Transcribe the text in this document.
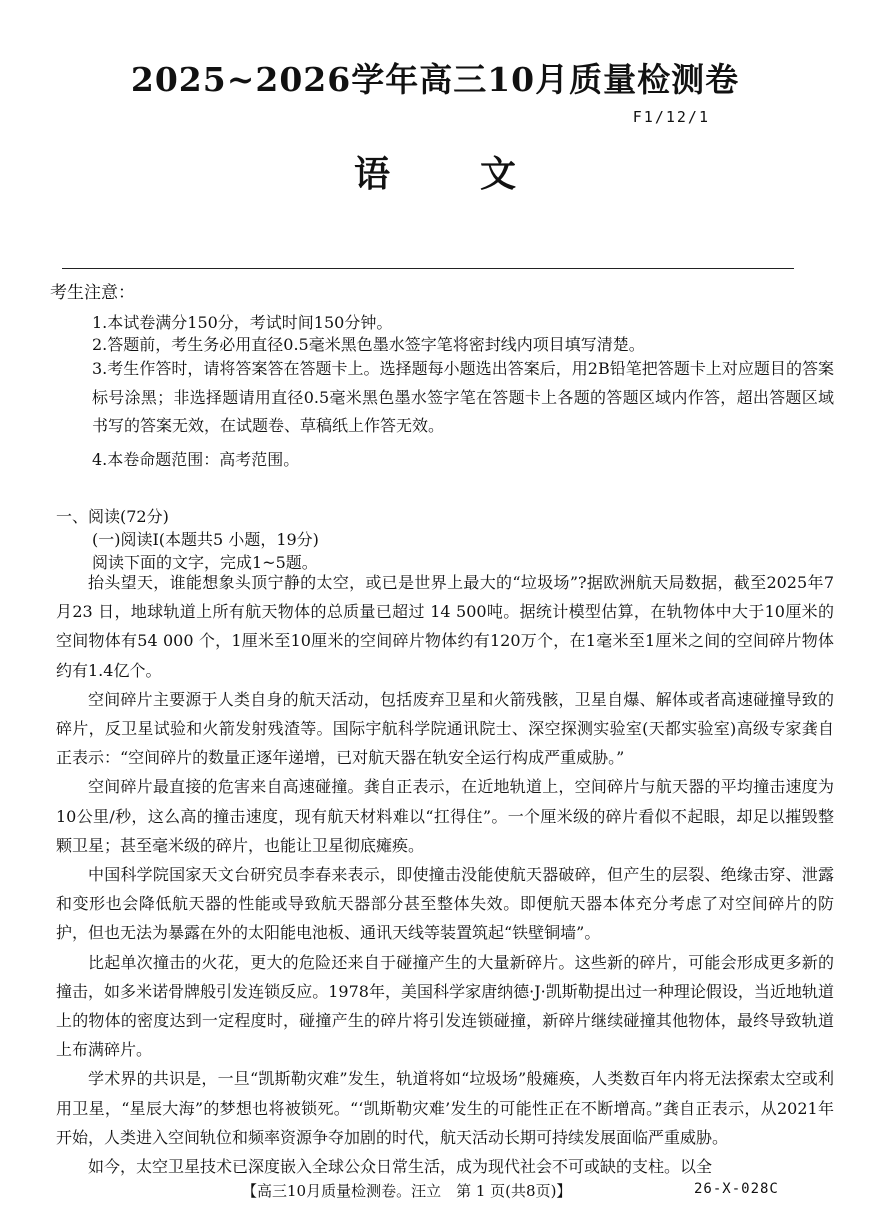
2025~2026学年高三10月质量检测卷
F1/12/1
语文
考生注意：
1.本试卷满分150分，考试时间150分钟。
2.答题前，考生务必用直径0.5毫米黑色墨水签字笔将密封线内项目填写清楚。
3.考生作答时，请将答案答在答题卡上。选择题每小题选出答案后，用2B铅笔把答题卡上对应题目的答案标号涂黑；非选择题请用直径0.5毫米黑色墨水签字笔在答题卡上各题的答题区域内作答，超出答题区域书写的答案无效，在试题卷、草稿纸上作答无效。
4.本卷命题范围：高考范围。
一、阅读(72分)
(一)阅读Ⅰ(本题共5 小题，19分)
阅读下面的文字，完成1~5题。

抬头望天，谁能想象头顶宁静的太空，或已是世界上最大的“垃圾场”?据欧洲航天局数据，截至2025年7月23 日，地球轨道上所有航天物体的总质量已超过 14 500吨。据统计模型估算，在轨物体中大于10厘米的空间物体有54 000 个，1厘米至10厘米的空间碎片物体约有120万个，在1毫米至1厘米之间的空间碎片物体约有1.4亿个。

空间碎片主要源于人类自身的航天活动，包括废弃卫星和火箭残骸，卫星自爆、解体或者高速碰撞导致的碎片，反卫星试验和火箭发射残渣等。国际宇航科学院通讯院士、深空探测实验室(天都实验室)高级专家龚自正表示：“空间碎片的数量正逐年递增，已对航天器在轨安全运行构成严重威胁。”

空间碎片最直接的危害来自高速碰撞。龚自正表示，在近地轨道上，空间碎片与航天器的平均撞击速度为10公里/秒，这么高的撞击速度，现有航天材料难以“扛得住”。一个厘米级的碎片看似不起眼，却足以摧毁整颗卫星；甚至毫米级的碎片，也能让卫星彻底瘫痪。

中国科学院国家天文台研究员李春来表示，即使撞击没能使航天器破碎，但产生的层裂、绝缘击穿、泄露和变形也会降低航天器的性能或导致航天器部分甚至整体失效。即便航天器本体充分考虑了对空间碎片的防护，但也无法为暴露在外的太阳能电池板、通讯天线等装置筑起“铁壁铜墙”。

比起单次撞击的火花，更大的危险还来自于碰撞产生的大量新碎片。这些新的碎片，可能会形成更多新的撞击，如多米诺骨牌般引发连锁反应。1978年，美国科学家唐纳德·J·凯斯勒提出过一种理论假设，当近地轨道上的物体的密度达到一定程度时，碰撞产生的碎片将引发连锁碰撞，新碎片继续碰撞其他物体，最终导致轨道上布满碎片。

学术界的共识是，一旦“凯斯勒灾难”发生，轨道将如“垃圾场”般瘫痪，人类数百年内将无法探索太空或利用卫星，“星辰大海”的梦想也将被锁死。“‘凯斯勒灾难’发生的可能性正在不断增高。”龚自正表示，从2021年开始，人类进入空间轨位和频率资源争夺加剧的时代，航天活动长期可持续发展面临严重威胁。

如今，太空卫星技术已深度嵌入全球公众日常生活，成为现代社会不可或缺的支柱。以全

【高三10月质量检测卷。汪立　第 1 页(共8页)】	26-X-028C
